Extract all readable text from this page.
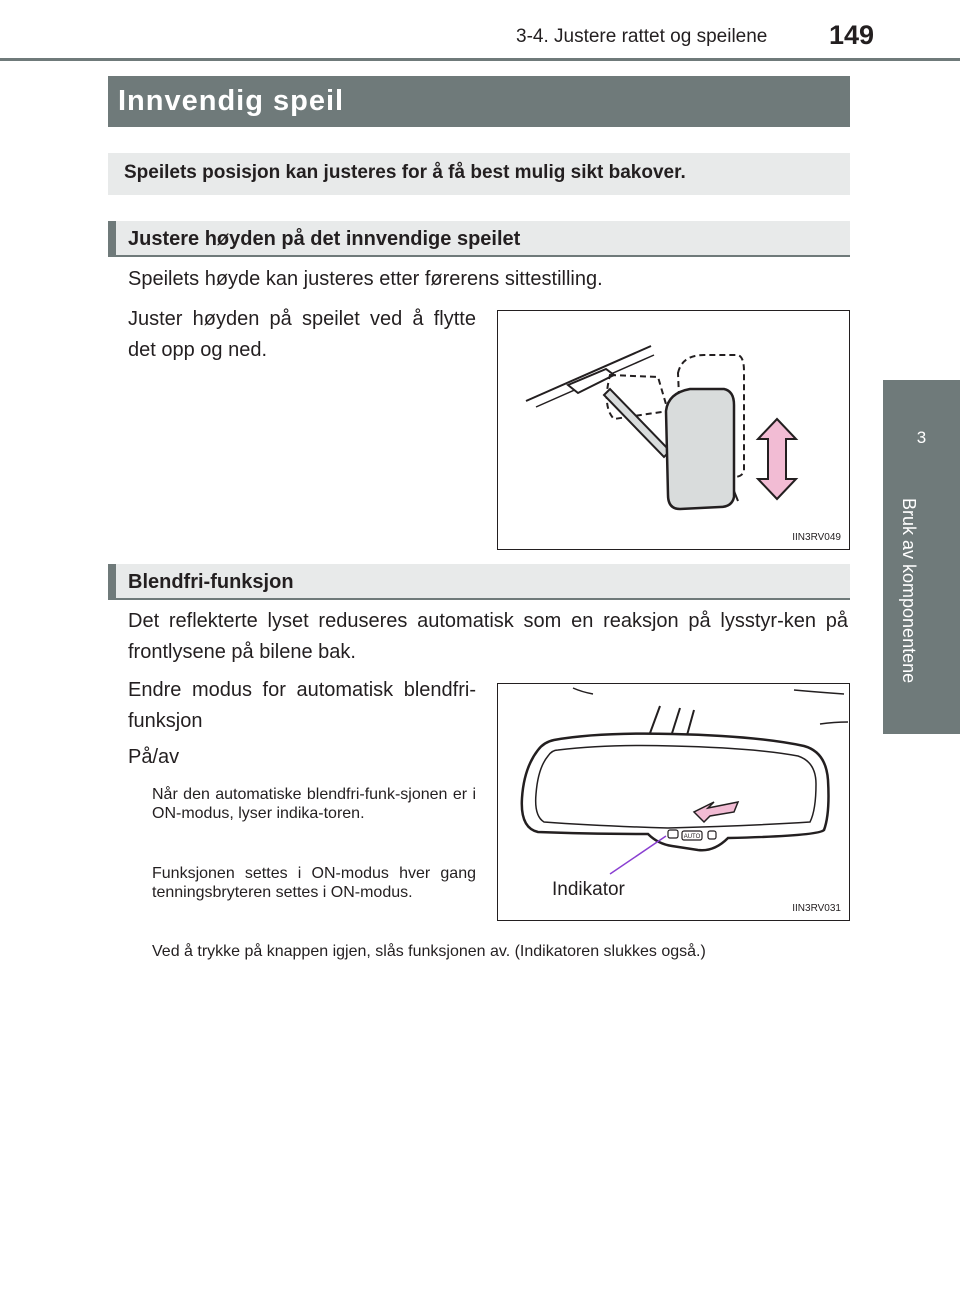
3-4. Justere rattet og speilene 149
3
Bruk av komponentene
Innvendig speil
Speilets posisjon kan justeres for å få best mulig sikt bakover.
Justere høyden på det innvendige speilet
Speilets høyde kan justeres etter førerens sittestilling.
Juster høyden på speilet ved å flytte det opp og ned.
IIN3RV049
Blendfri-funksjon
Det reflekterte lyset reduseres automatisk som en reaksjon på lysstyr-ken på frontlysene på bilene bak.
Endre modus for automatisk blendfri-funksjon
På/av
Når den automatiske blendfri-funk-sjonen er i ON-modus, lyser indika-toren.
Funksjonen settes i ON-modus hver gang tenningsbryteren settes i ON-modus.
Ved å trykke på knappen igjen, slås funksjonen av. (Indikatoren slukkes også.)
AUTO
Indikator
IIN3RV031
